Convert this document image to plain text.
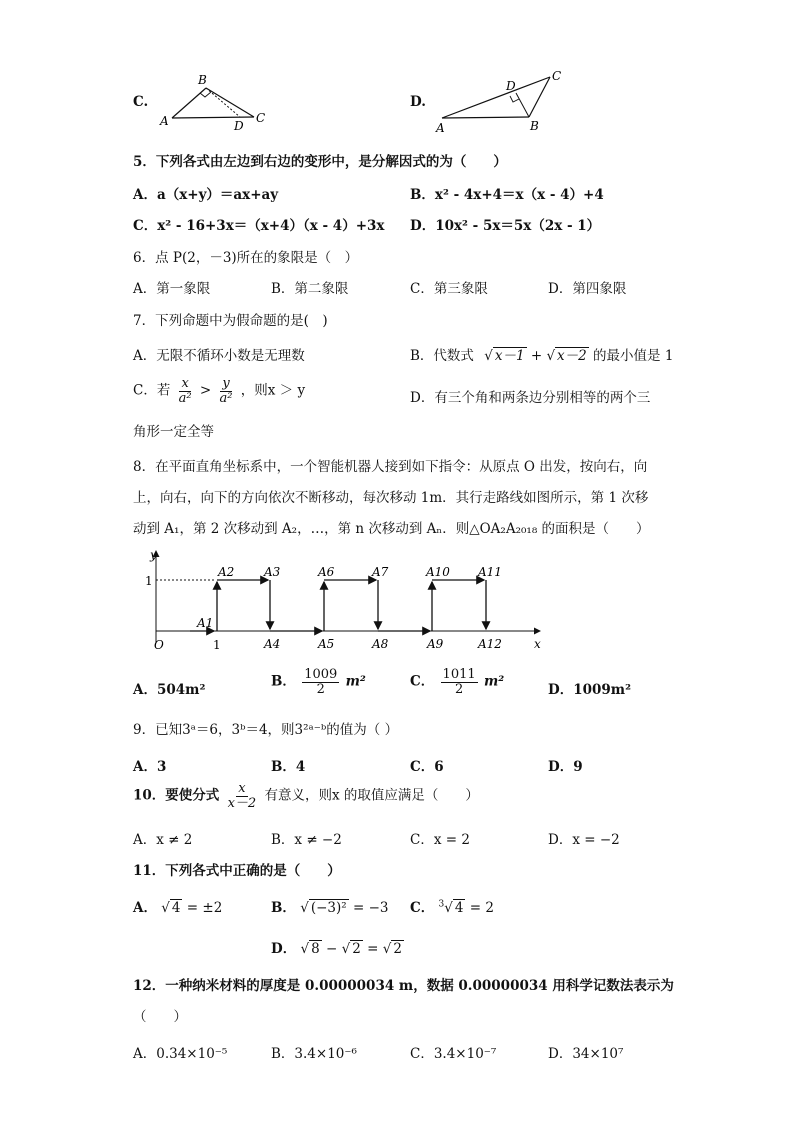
C.
A
B
C
D
D.
A	B
C
D
5．下列各式由左边到右边的变形中，是分解因式的为（　　）
A．a（x+y）＝ax+ay	B．x² - 4x+4＝x（x - 4）+4
C．x² - 16+3x＝（x+4）（x - 4）+3x D．10x² - 5x＝5x（2x - 1）
6．点 P(2，－3)所在的象限是（　）
A．第一象限	B．第二象限	C．第三象限	D．第四象限
7．下列命题中为假命题的是(　)
A．无限不循环小数是无理数	B．代数式 √ x－1 + √ x－2 的最小值是 1
C．若 $\frac{x}{\text{a²}} > \frac{y}{\text{a²}}$ ，则x ＞ y	D．有三个角和两条边分别相等的两个三
角形一定全等
8．在平面直角坐标系中，一个智能机器人接到如下指令：从原点 O 出发，按向右，向
上，向右，向下的方向依次不断移动，每次移动 1m．其行走路线如图所示，第 1 次移
动到 A₁，第 2 次移动到 A₂，…，第 n 次移动到 Aₙ．则△OA₂A₂₀₁₈ 的面积是（　　）
y
x
O
1
1
A1
A2 A3
A4	A5
A6	A7
A8	A9
A10 A11
A12
A．504m²
B． $\frac{1009}{2} m^2$	C． $\frac{1011}{2} m^2$
D．1009m²
9．已知3ᵃ＝6，3ᵇ＝4，则3²ᵃ⁻ᵇ的值为（ ）
A．3	B．4	C．6	D．9
10．要使分式 $\frac{x}{x-2}$ 有意义，则x 的取值应满足（　　）
A．x ≠ 2	B．x ≠ −2	C．x = 2	D．x = −2
11．下列各式中正确的是（　　）
A． √ 4 = ±2	B． √ (−3)² = −3 C． $^3$√ 4 = 2
D． √ 8 − √ 2 = √ 2
12．一种纳米材料的厚度是 0.00000034 m，数据 0.00000034 用科学记数法表示为
（　　）
A．0.34×10⁻⁵	B．3.4×10⁻⁶	C．3.4×10⁻⁷	D．34×10⁷
